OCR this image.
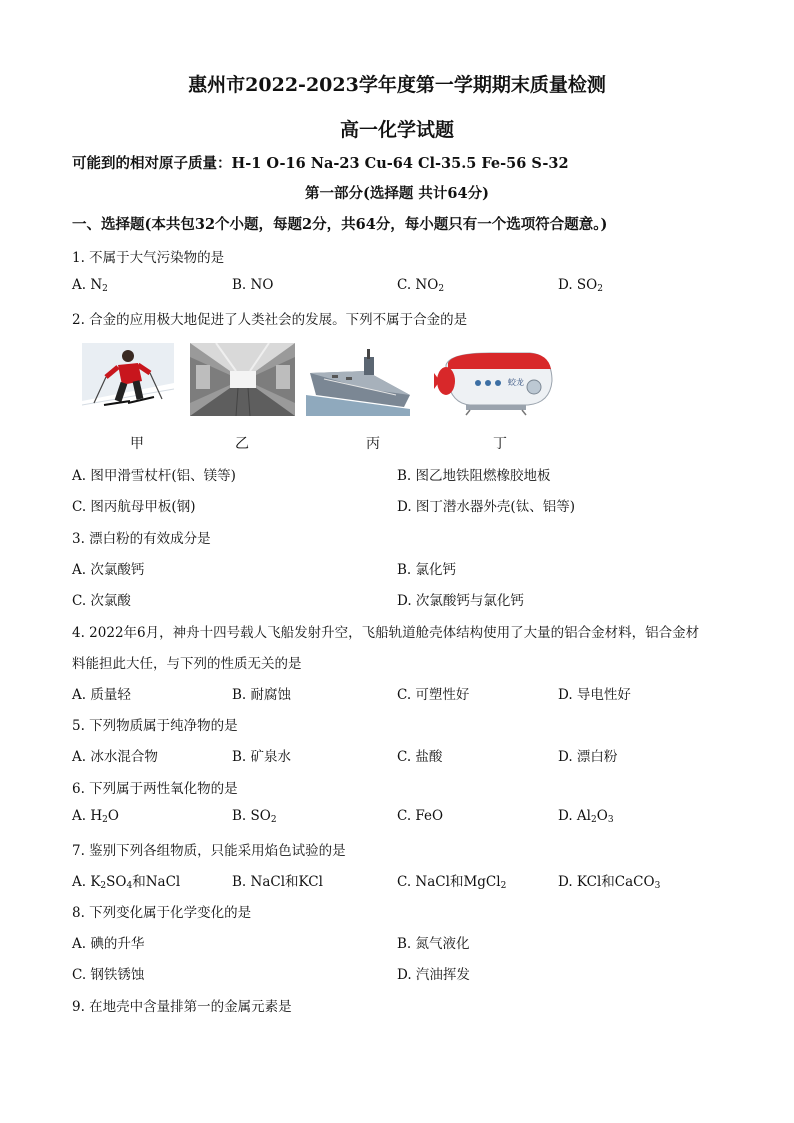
惠州市2022-2023学年度第一学期期末质量检测
高一化学试题
可能到的相对原子质量：H-1 O-16 Na-23 Cu-64 Cl-35.5 Fe-56 S-32
第一部分(选择题 共计64分)
一、选择题(本共包32个小题，每题2分，共64分，每小题只有一个选项符合题意。)
1. 不属于大气污染物的是
A. $N_2$	B. NO	C. $NO_2$	D. $SO_2$
2. 合金的应用极大地促进了人类社会的发展。下列不属于合金的是
蛟龙
甲	乙	丙	丁
A. 图甲滑雪杖杆(铝、镁等)	B. 图乙地铁阻燃橡胶地板
C. 图丙航母甲板(钢)	D. 图丁潜水器外壳(钛、铝等)
3. 漂白粉的有效成分是
A. 次氯酸钙	B. 氯化钙
C. 次氯酸	D. 次氯酸钙与氯化钙
4. 2022年6月，神舟十四号载人飞船发射升空，飞船轨道舱壳体结构使用了大量的铝合金材料，铝合金材
料能担此大任，与下列的性质无关的是
A. 质量轻	B. 耐腐蚀	C. 可塑性好	D. 导电性好
5. 下列物质属于纯净物的是
A. 冰水混合物	B. 矿泉水	C. 盐酸	D. 漂白粉
6. 下列属于两性氧化物的是
A. $H_2O$	B. $SO_2$	C. FeO	D. $Al_2O_3$
7. 鉴别下列各组物质，只能采用焰色试验的是
A. $K_2SO_4$和NaCl	B. NaCl和KCl	C. NaCl和MgCl$_2$	D. KCl和CaCO$_3$
8. 下列变化属于化学变化的是
A. 碘的升华	B. 氮气液化
C. 钢铁锈蚀	D. 汽油挥发
9. 在地壳中含量排第一的金属元素是
